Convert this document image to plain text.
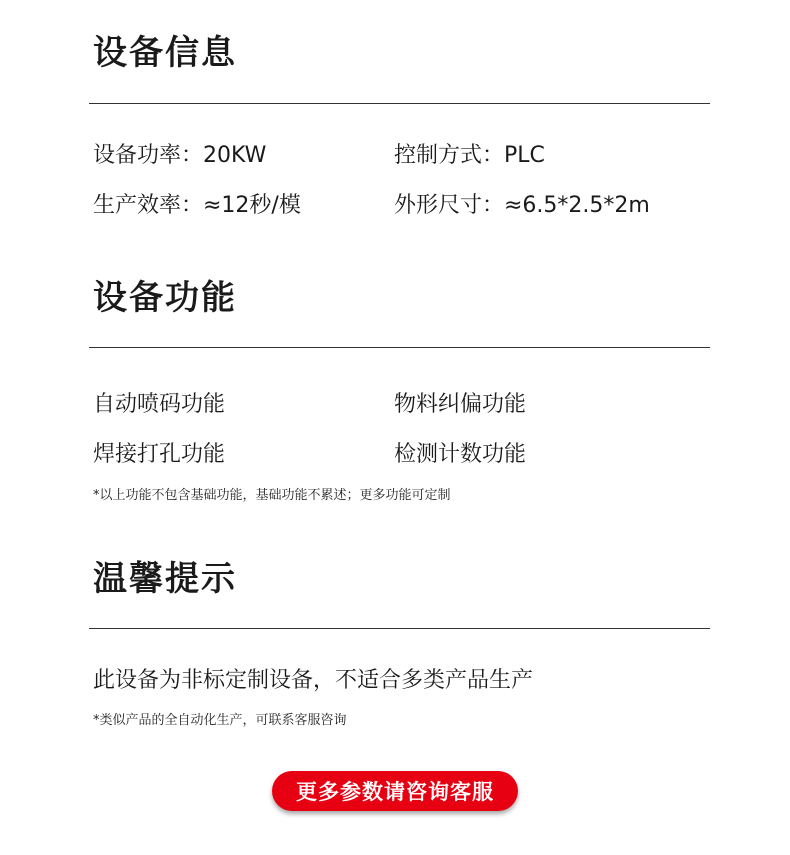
设备信息
设备功率：20KW	控制方式：PLC
生产效率：≈12秒/模	外形尺寸：≈6.5*2.5*2m
设备功能
自动喷码功能	物料纠偏功能
焊接打孔功能	检测计数功能
*以上功能不包含基础功能，基础功能不累述；更多功能可定制
温馨提示
此设备为非标定制设备，不适合多类产品生产
*类似产品的全自动化生产，可联系客服咨询
更多参数请咨询客服
